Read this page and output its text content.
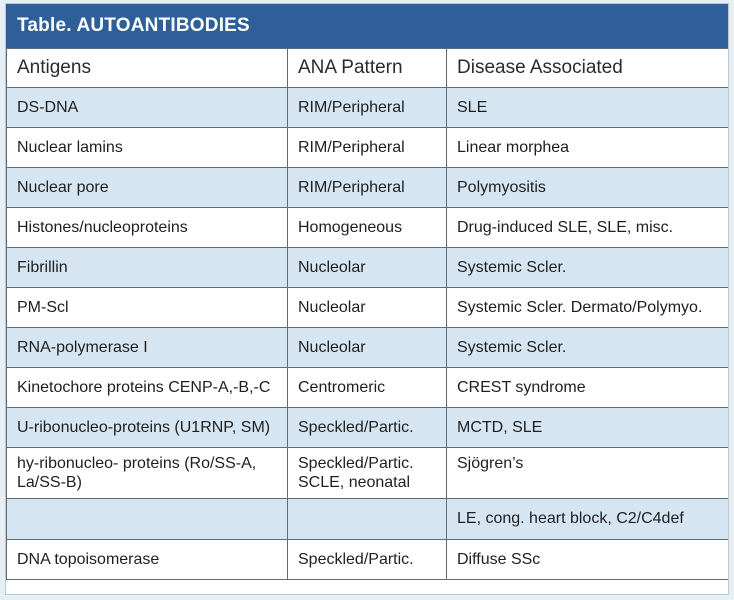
Table. AUTOANTIBODIES
Antigens	ANA Pattern	Disease Associated
DS-DNA	RIM/Peripheral	SLE
Nuclear lamins	RIM/Peripheral	Linear morphea
Nuclear pore	RIM/Peripheral	Polymyositis
Histones/nucleoproteins	Homogeneous	Drug-induced SLE, SLE, misc.
Fibrillin	Nucleolar	Systemic Scler.
PM-Scl	Nucleolar	Systemic Scler. Dermato/Polymyo.
RNA-polymerase I	Nucleolar	Systemic Scler.
Kinetochore proteins CENP-A,-B,-C	Centromeric	CREST syndrome
U-ribonucleo-proteins (U1RNP, SM)	Speckled/Partic.	MCTD, SLE
hy-ribonucleo- proteins (Ro/SS-A, La/SS-B)	Speckled/Partic. SCLE, neonatal	Sjögren’s
		LE, cong. heart block, C2/C4def
DNA topoisomerase	Speckled/Partic.	Diffuse SSc
